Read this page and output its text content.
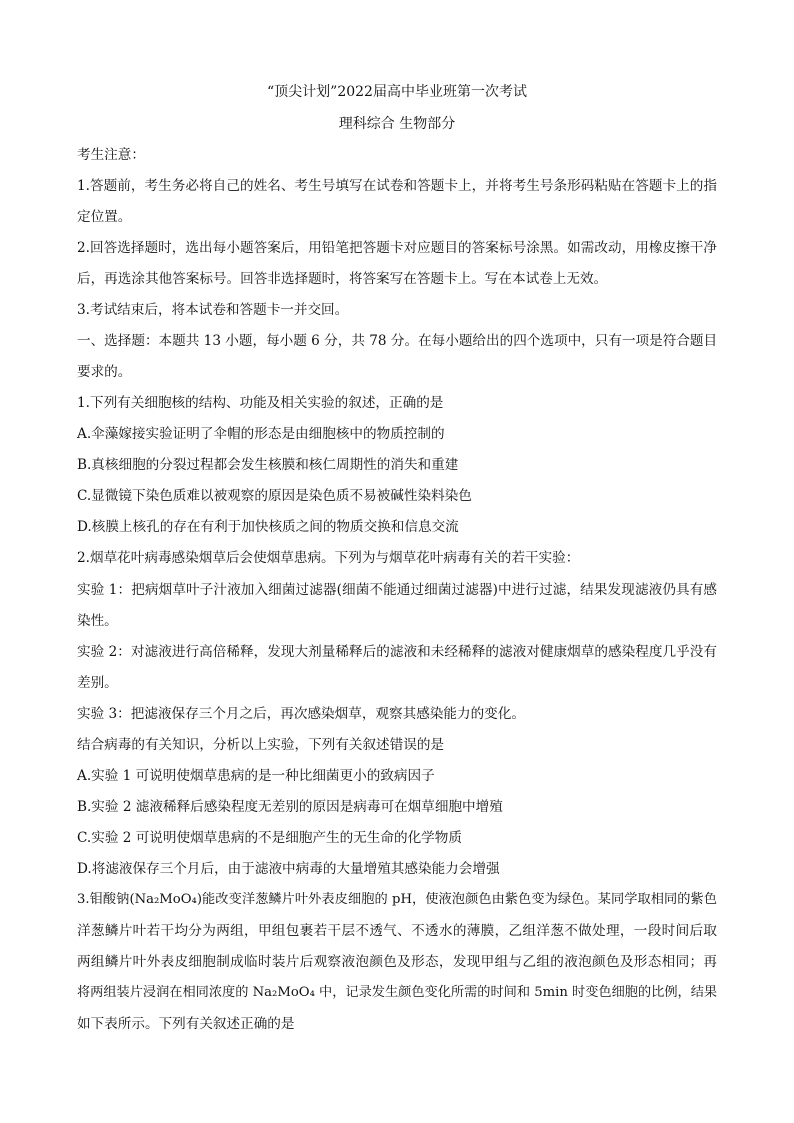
“顶尖计划”2022届高中毕业班第一次考试
理科综合 生物部分

考生注意：

1.答题前，考生务必将自己的姓名、考生号填写在试卷和答题卡上，并将考生号条形码粘贴在答题卡上的指

定位置。

2.回答选择题时，选出每小题答案后，用铅笔把答题卡对应题目的答案标号涂黑。如需改动，用橡皮擦干净

后，再选涂其他答案标号。回答非选择题时，将答案写在答题卡上。写在本试卷上无效。

3.考试结束后，将本试卷和答题卡一并交回。

一、选择题：本题共 13 小题，每小题 6 分，共 78 分。在每小题给出的四个选项中，只有一项是符合题目

要求的。

1.下列有关细胞核的结构、功能及相关实验的叙述，正确的是

A.伞藻嫁接实验证明了伞帽的形态是由细胞核中的物质控制的

B.真核细胞的分裂过程都会发生核膜和核仁周期性的消失和重建

C.显微镜下染色质难以被观察的原因是染色质不易被碱性染料染色

D.核膜上核孔的存在有利于加快核质之间的物质交换和信息交流

2.烟草花叶病毒感染烟草后会使烟草患病。下列为与烟草花叶病毒有关的若干实验：

实验 1：把病烟草叶子汁液加入细菌过滤器(细菌不能通过细菌过滤器)中进行过滤，结果发现滤液仍具有感

染性。

实验 2：对滤液进行高倍稀释，发现大剂量稀释后的滤液和未经稀释的滤液对健康烟草的感染程度几乎没有

差别。

实验 3：把滤液保存三个月之后，再次感染烟草，观察其感染能力的变化。

结合病毒的有关知识，分析以上实验，下列有关叙述错误的是

A.实验 1 可说明使烟草患病的是一种比细菌更小的致病因子

B.实验 2 滤液稀释后感染程度无差别的原因是病毒可在烟草细胞中增殖

C.实验 2 可说明使烟草患病的不是细胞产生的无生命的化学物质

D.将滤液保存三个月后，由于滤液中病毒的大量增殖其感染能力会增强

3.钼酸钠(Na₂MoO₄)能改变洋葱鳞片叶外表皮细胞的 pH，使液泡颜色由紫色变为绿色。某同学取相同的紫色

洋葱鳞片叶若干均分为两组，甲组包裹若干层不透气、不透水的薄膜，乙组洋葱不做处理，一段时间后取

两组鳞片叶外表皮细胞制成临时装片后观察液泡颜色及形态，发现甲组与乙组的液泡颜色及形态相同；再

将两组装片浸润在相同浓度的 Na₂MoO₄ 中，记录发生颜色变化所需的时间和 5min 时变色细胞的比例，结果

如下表所示。下列有关叙述正确的是
